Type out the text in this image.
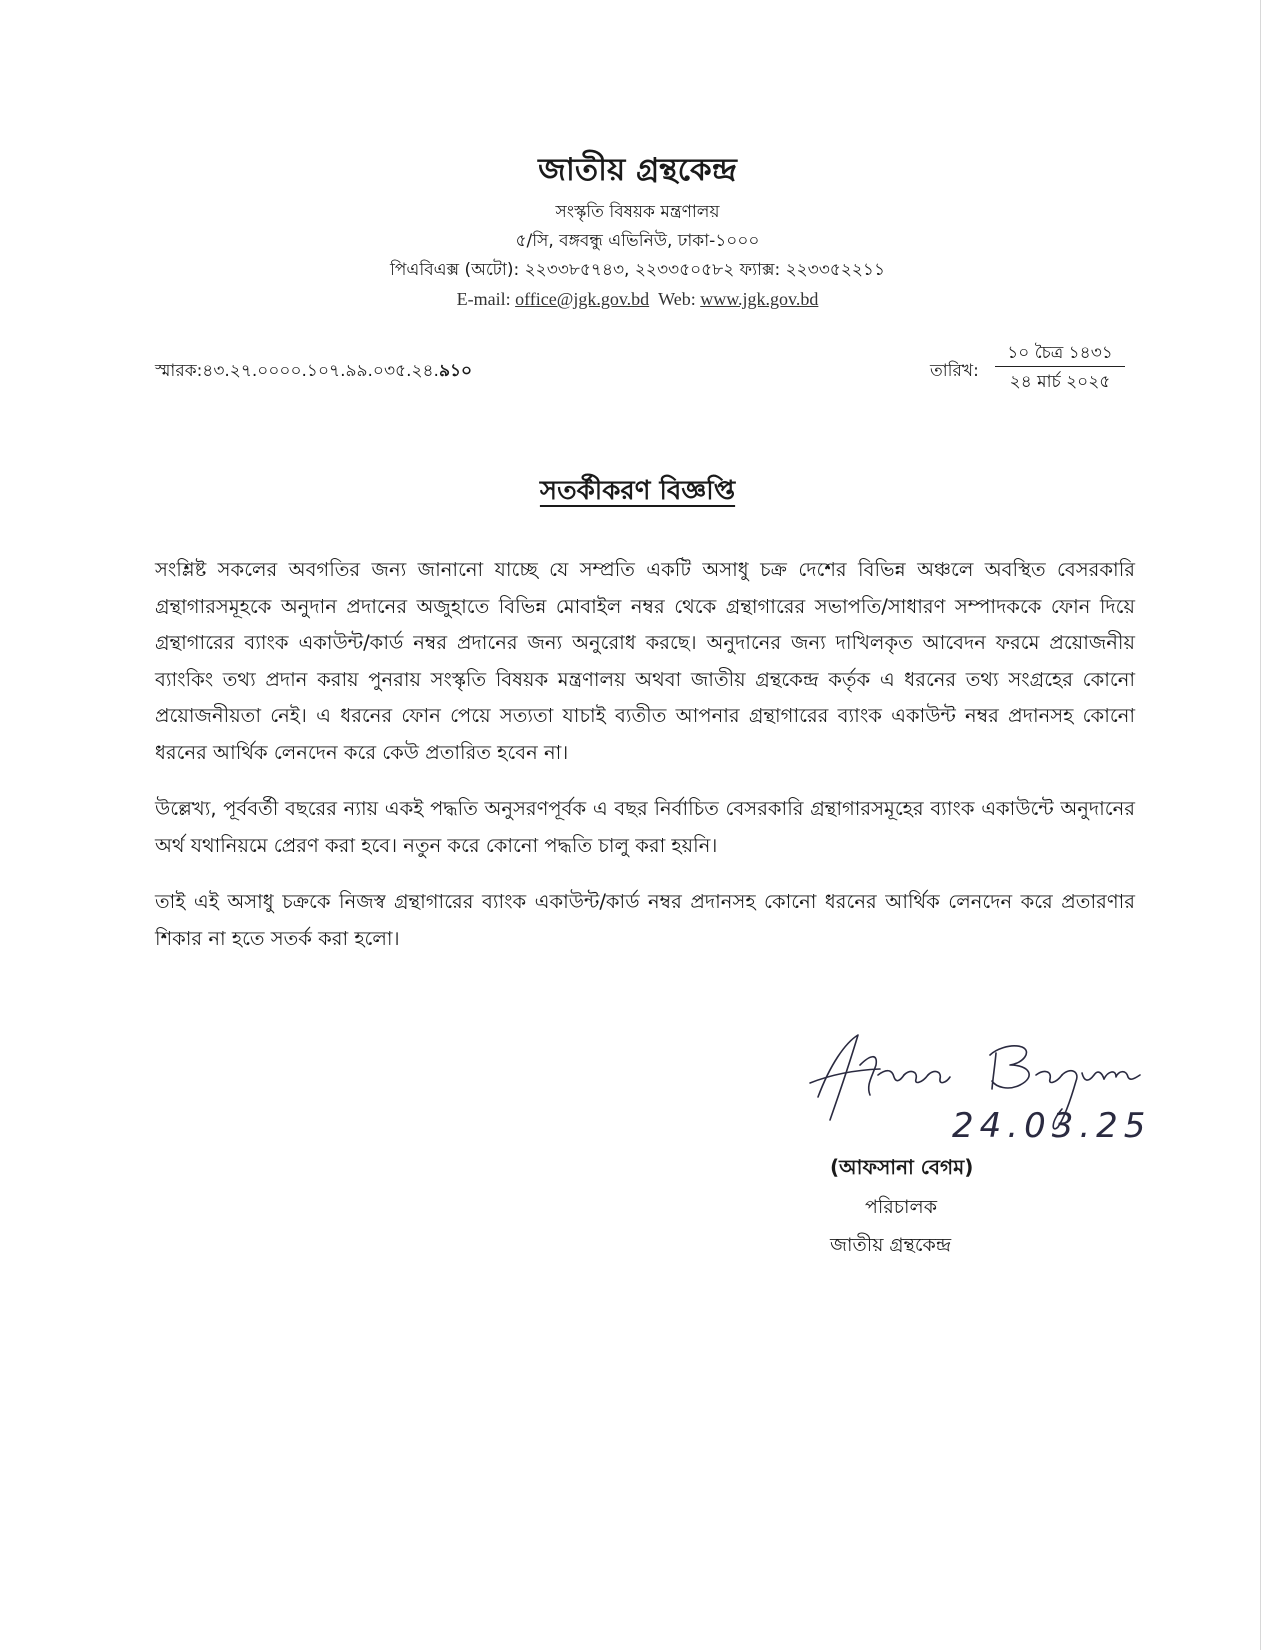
জাতীয় গ্রন্থকেন্দ্র
সংস্কৃতি বিষয়ক মন্ত্রণালয়
৫/সি, বঙ্গবন্ধু এভিনিউ, ঢাকা-১০০০
পিএবিএক্স (অটো): ২২৩৩৮৫৭৪৩, ২২৩৩৫০৫৮২ ফ্যাক্স: ২২৩৩৫২২১১
E-mail: office@jgk.gov.bd Web: www.jgk.gov.bd
স্মারক:৪৩.২৭.০০০০.১০৭.৯৯.০৩৫.২৪.৯১০	তারিখ:
১০ চৈত্র ১৪৩১
২৪ মার্চ ২০২৫
সতর্কীকরণ বিজ্ঞপ্তি

সংশ্লিষ্ট সকলের অবগতির জন্য জানানো যাচ্ছে যে সম্প্রতি একটি অসাধু চক্র দেশের বিভিন্ন অঞ্চলে অবস্থিত বেসরকারি গ্রন্থাগারসমূহকে অনুদান প্রদানের অজুহাতে বিভিন্ন মোবাইল নম্বর থেকে গ্রন্থাগারের সভাপতি/সাধারণ সম্পাদককে ফোন দিয়ে গ্রন্থাগারের ব্যাংক একাউন্ট/কার্ড নম্বর প্রদানের জন্য অনুরোধ করছে। অনুদানের জন্য দাখিলকৃত আবেদন ফরমে প্রয়োজনীয় ব্যাংকিং তথ্য প্রদান করায় পুনরায় সংস্কৃতি বিষয়ক মন্ত্রণালয় অথবা জাতীয় গ্রন্থকেন্দ্র কর্তৃক এ ধরনের তথ্য সংগ্রহের কোনো প্রয়োজনীয়তা নেই। এ ধরনের ফোন পেয়ে সত্যতা যাচাই ব্যতীত আপনার গ্রন্থাগারের ব্যাংক একাউন্ট নম্বর প্রদানসহ কোনো ধরনের আর্থিক লেনদেন করে কেউ প্রতারিত হবেন না।

উল্লেখ্য, পূর্ববর্তী বছরের ন্যায় একই পদ্ধতি অনুসরণপূর্বক এ বছর নির্বাচিত বেসরকারি গ্রন্থাগারসমূহের ব্যাংক একাউন্টে অনুদানের অর্থ যথানিয়মে প্রেরণ করা হবে। নতুন করে কোনো পদ্ধতি চালু করা হয়নি।

তাই এই অসাধু চক্রকে নিজস্ব গ্রন্থাগারের ব্যাংক একাউন্ট/কার্ড নম্বর প্রদানসহ কোনো ধরনের আর্থিক লেনদেন করে প্রতারণার শিকার না হতে সতর্ক করা হলো।

24.03.25
(আফসানা বেগম)
পরিচালক
জাতীয় গ্রন্থকেন্দ্র
